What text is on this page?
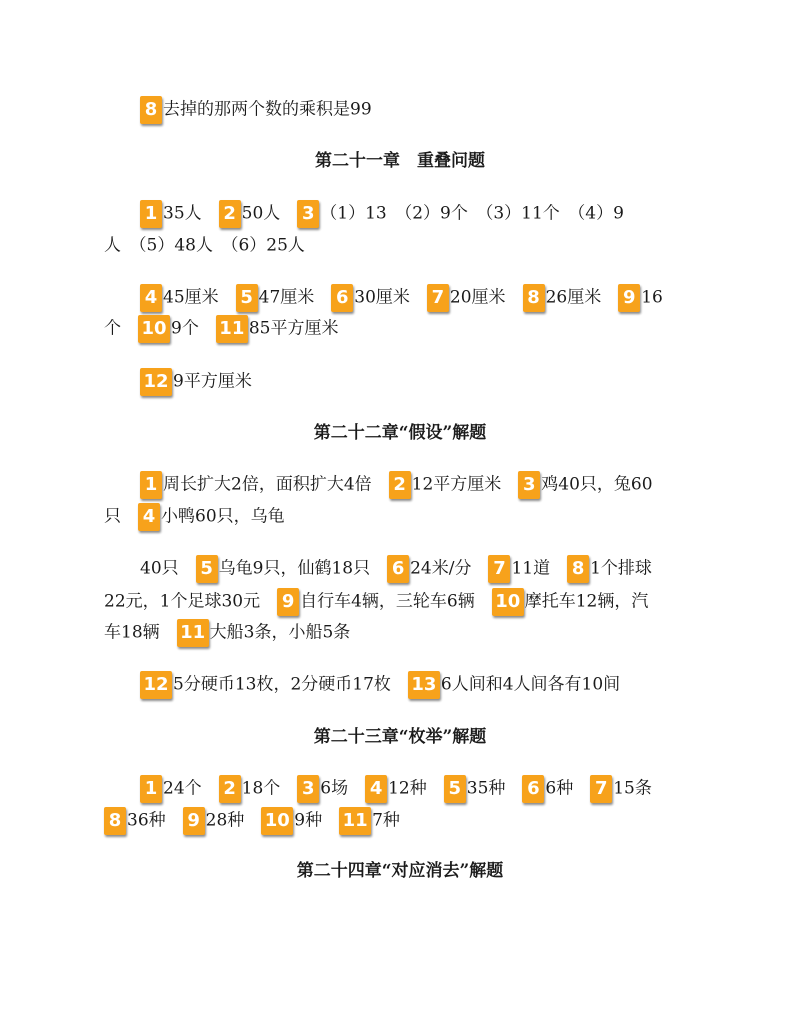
8 去掉的那两个数的乘积是99
第二十一章　重叠问题
1 35人　2 50人　3 （1）13　（2）9个　（3）11个　（4）9
人　（5）48人　（6）25人
4 45厘米　5 47厘米　6 30厘米　7 20厘米　8 26厘米　9 16
个　10 9个　11 85平方厘米
12 9平方厘米
第二十二章“假设”解题
1 周长扩大2倍，面积扩大4倍　2 12平方厘米　3 鸡40只，兔60
只　4 小鸭60只，乌龟
40只　5 乌龟9只，仙鹤18只　6 24米/分　7 11道　8 1个排球
22元，1个足球30元　9 自行车4辆，三轮车6辆　10 摩托车12辆，汽
车18辆　11 大船3条，小船5条
12 5分硬币13枚，2分硬币17枚　13 6人间和4人间各有10间
第二十三章“枚举”解题
1 24个　2 18个　3 6场　4 12种　5 35种　6 6种　7 15条
8 36种　9 28种　10 9种　11 7种
第二十四章“对应消去”解题
